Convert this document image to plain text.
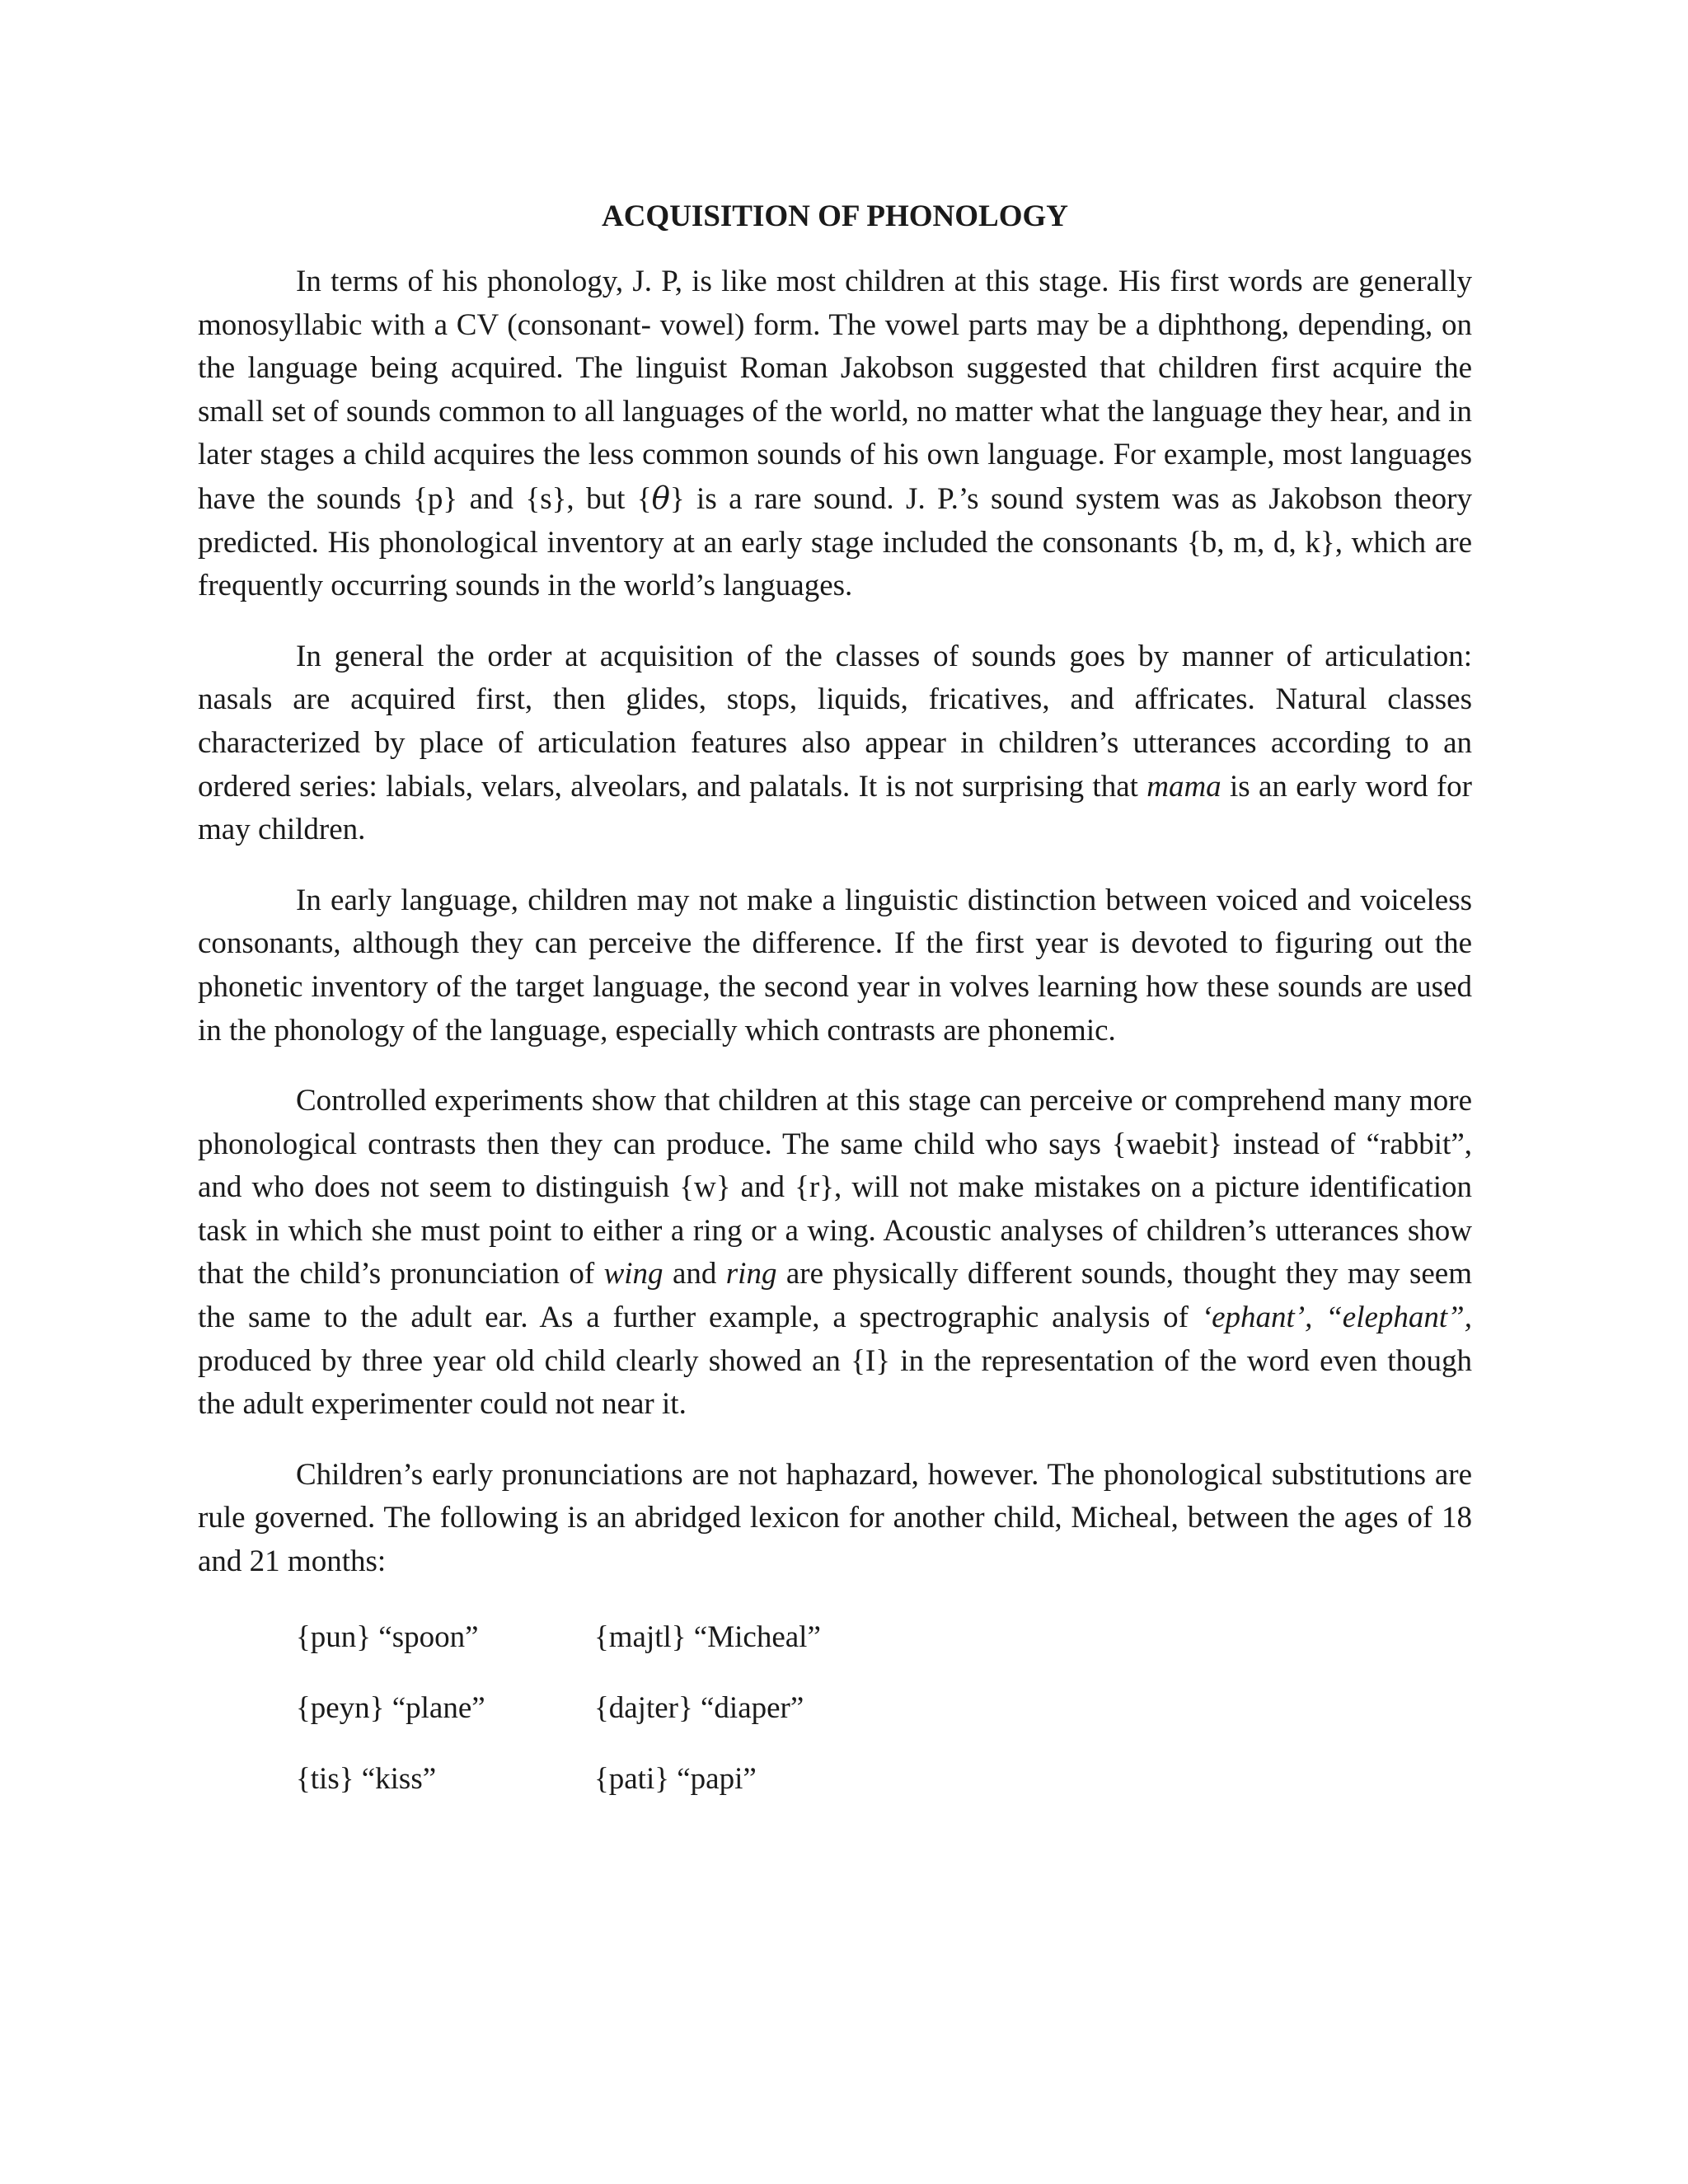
ACQUISITION OF PHONOLOGY

In terms of his phonology, J. P, is like most children at this stage. His first words are generally monosyllabic with a CV (consonant- vowel) form. The vowel parts may be a diphthong, depending, on the language being acquired. The linguist Roman Jakobson suggested that children first acquire the small set of sounds common to all languages of the world, no matter what the language they hear, and in later stages a child acquires the less common sounds of his own language. For example, most languages have the sounds {p} and {s}, but {θ} is a rare sound. J. P.’s sound system was as Jakobson theory predicted. His phonological inventory at an early stage included the consonants {b, m, d, k}, which are frequently occurring sounds in the world’s languages.

In general the order at acquisition of the classes of sounds goes by manner of articulation: nasals are acquired first, then glides, stops, liquids, fricatives, and affricates. Natural classes characterized by place of articulation features also appear in children’s utterances according to an ordered series: labials, velars, alveolars, and palatals. It is not surprising that mama is an early word for may children.

In early language, children may not make a linguistic distinction between voiced and voiceless consonants, although they can perceive the difference. If the first year is devoted to figuring out the phonetic inventory of the target language, the second year in volves learning how these sounds are used in the phonology of the language, especially which contrasts are phonemic.

Controlled experiments show that children at this stage can perceive or comprehend many more phonological contrasts then they can produce. The same child who says {waebit} instead of “rabbit”, and who does not seem to distinguish {w} and {r}, will not make mistakes on a picture identification task in which she must point to either a ring or a wing. Acoustic analyses of children’s utterances show that the child’s pronunciation of wing and ring are physically different sounds, thought they may seem the same to the adult ear. As a further example, a spectrographic analysis of ‘ephant’, “elephant”, produced by three year old child clearly showed an {I} in the representation of the word even though the adult experimenter could not near it.

Children’s early pronunciations are not haphazard, however. The phonological substitutions are rule governed. The following is an abridged lexicon for another child, Micheal, between the ages of 18 and 21 months:

{pun} “spoon”	{majtl} “Micheal”
{peyn} “plane”	{dajter} “diaper”
{tis} “kiss”	{pati} “papi”
